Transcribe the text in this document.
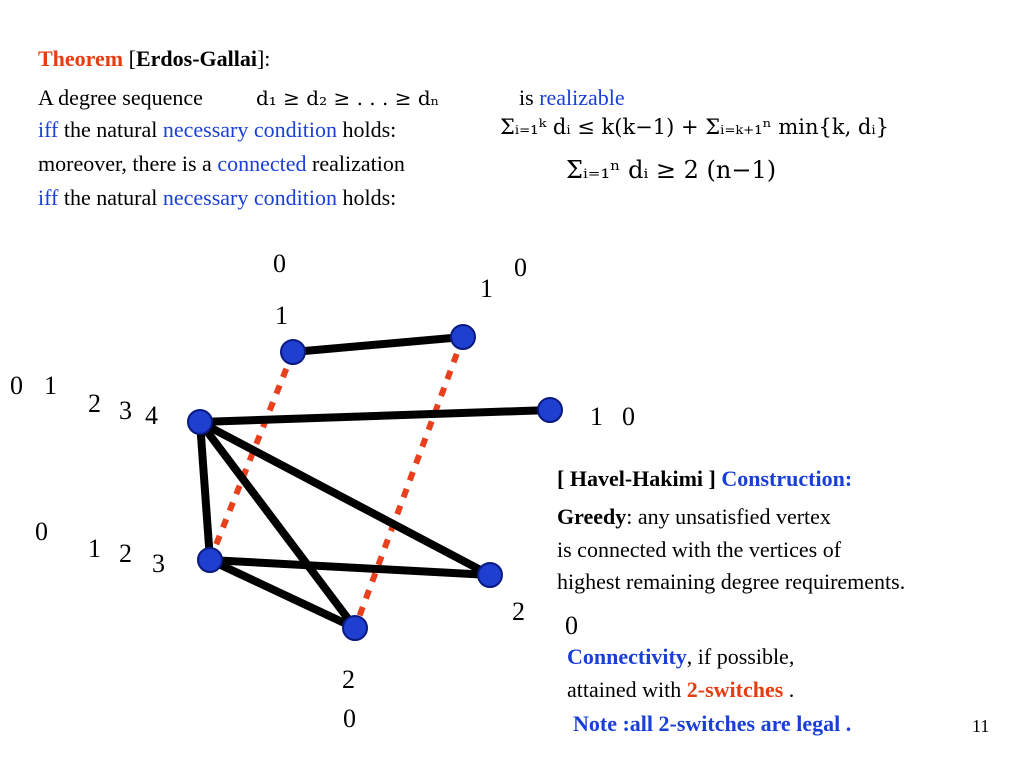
Theorem [Erdos-Gallai]:
A degree sequence	d₁ ≥ d₂ ≥ . . . ≥ dₙ	is realizable
iff the natural necessary condition holds:	Σᵢ₌₁ᵏ dᵢ ≤ k(k−1) + Σᵢ₌ₖ₊₁ⁿ min{k, dᵢ}
moreover, there is a connected realization	Σᵢ₌₁ⁿ dᵢ ≥ 2 (n−1)
iff the natural necessary condition holds:
0
1
0
1
0 1
2 3 4	1 0
0
1 2 3
2 0
2
0
[ Havel-Hakimi ] Construction:
Greedy: any unsatisfied vertex
is connected with the vertices of
highest remaining degree requirements.
Connectivity, if possible,
attained with 2-switches .
Note :all 2-switches are legal .	11
